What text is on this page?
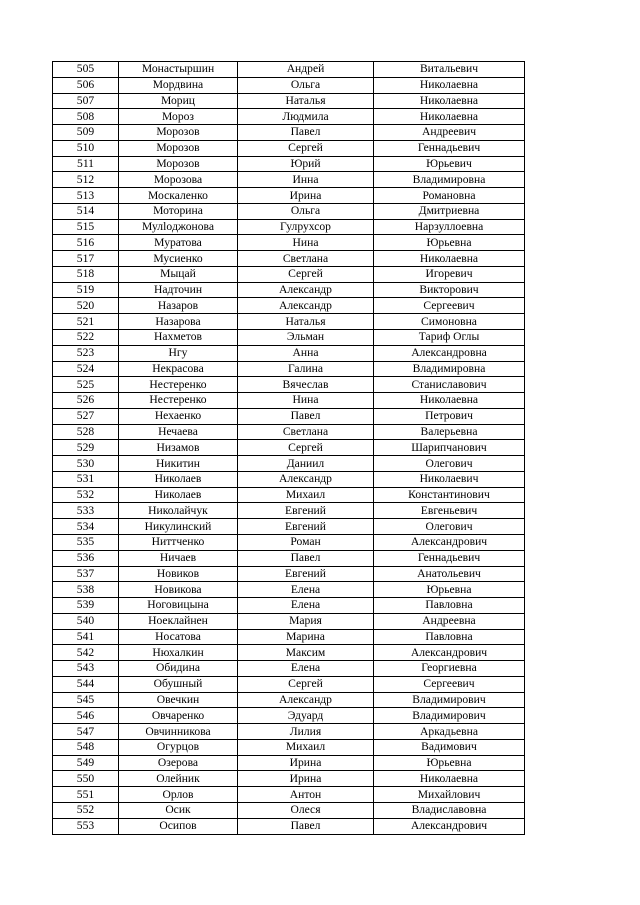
505	Монастыршин	Андрей	Витальевич
506	Мордвина	Ольга	Николаевна
507	Мориц	Наталья	Николаевна
508	Мороз	Людмила	Николаевна
509	Морозов	Павел	Андреевич
510	Морозов	Сергей	Геннадьевич
511	Морозов	Юрий	Юрьевич
512	Морозова	Инна	Владимировна
513	Москаленко	Ирина	Романовна
514	Моторина	Ольга	Дмитриевна
515	Мулloджонова	Гулрухсор	Нарзуллоевна
516	Муратова	Нина	Юрьевна
517	Мусиенко	Светлана	Николаевна
518	Мыцай	Сергей	Игоревич
519	Надточин	Александр	Викторович
520	Назаров	Александр	Сергеевич
521	Назарова	Наталья	Симоновна
522	Нахметов	Эльман	Тариф Оглы
523	Нгу	Анна	Александровна
524	Некрасова	Галина	Владимировна
525	Нестеренко	Вячеслав	Станиславович
526	Нестеренко	Нина	Николаевна
527	Нехаенко	Павел	Петрович
528	Нечаева	Светлана	Валерьевна
529	Низамов	Сергей	Шарипчанович
530	Никитин	Даниил	Олегович
531	Николаев	Александр	Николаевич
532	Николаев	Михаил	Константинович
533	Николайчук	Евгений	Евгеньевич
534	Никулинский	Евгений	Олегович
535	Ниттченко	Роман	Александрович
536	Ничаев	Павел	Геннадьевич
537	Новиков	Евгений	Анатольевич
538	Новикова	Елена	Юрьевна
539	Ноговицына	Елена	Павловна
540	Ноеклайнен	Мария	Андреевна
541	Носатова	Марина	Павловна
542	Нюхалкин	Максим	Александрович
543	Обидина	Елена	Георгиевна
544	Обушный	Сергей	Сергеевич
545	Овечкин	Александр	Владимирович
546	Овчаренко	Эдуард	Владимирович
547	Овчинникова	Лилия	Аркадьевна
548	Огурцов	Михаил	Вадимович
549	Озерова	Ирина	Юрьевна
550	Олейник	Ирина	Николаевна
551	Орлов	Антон	Михайлович
552	Осик	Олеся	Владиславовна
553	Осипов	Павел	Александрович
